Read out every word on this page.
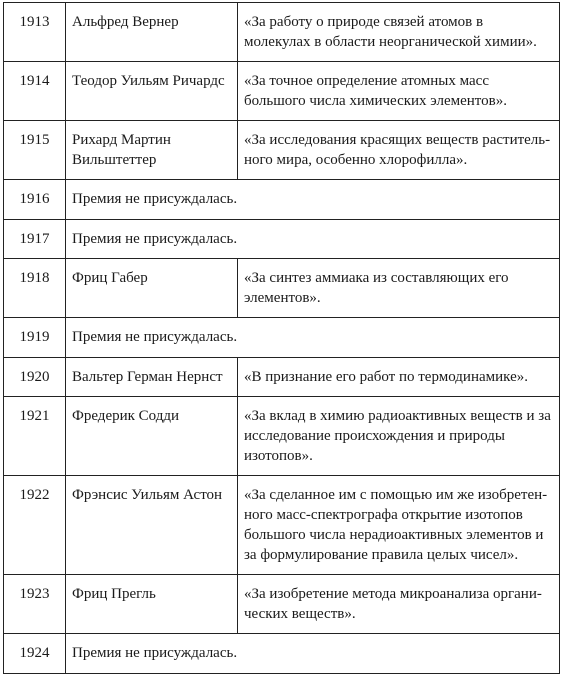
1913	Альфред Вернер	«За работу о природе связей атомов в молекулах в области неорганической химии».
1914	Теодор Уильям Ричардс	«За точное определение атомных масс большого числа химических элементов».
1915	Рихард Мартин Вильштеттер	«За исследования красящих веществ растительного мира, особенно хлорофилла».
1916	Премия не присуждалась.	
1917	Премия не присуждалась.	
1918	Фриц Габер	«За синтез аммиака из составляющих его элементов».
1919	Премия не присуждалась.	
1920	Вальтер Герман Нернст	«В признание его работ по термодинамике».
1921	Фредерик Содди	«За вклад в химию радиоактивных веществ и за исследование происхождения и природы изотопов».
1922	Фрэнсис Уильям Астон	«За сделанное им с помощью им же изобретенного масс-спектрографа открытие изотопов большого числа нерадиоактивных элементов и за формулирование правила целых чисел».
1923	Фриц Прегль	«За изобретение метода микроанализа органических веществ».
1924	Премия не присуждалась.	
